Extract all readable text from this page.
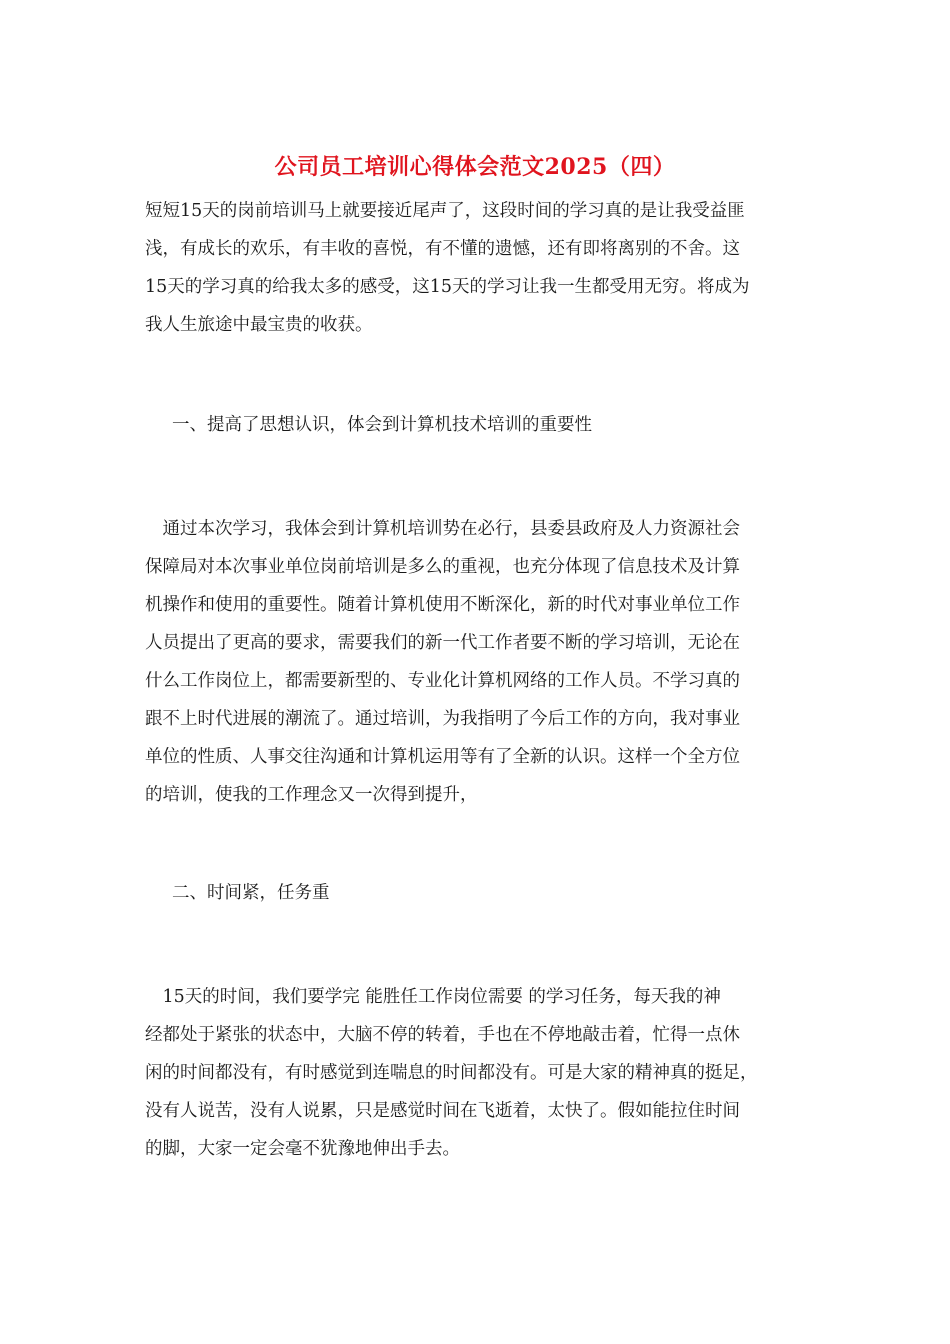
公司员工培训心得体会范文2025（四）
短短15天的岗前培训马上就要接近尾声了，这段时间的学习真的是让我受益匪
浅，有成长的欢乐，有丰收的喜悦，有不懂的遗憾，还有即将离别的不舍。这
15天的学习真的给我太多的感受，这15天的学习让我一生都受用无穷。将成为
我人生旅途中最宝贵的收获。
一、提高了思想认识，体会到计算机技术培训的重要性
　通过本次学习，我体会到计算机培训势在必行，县委县政府及人力资源社会
保障局对本次事业单位岗前培训是多么的重视，也充分体现了信息技术及计算
机操作和使用的重要性。随着计算机使用不断深化，新的时代对事业单位工作
人员提出了更高的要求，需要我们的新一代工作者要不断的学习培训，无论在
什么工作岗位上，都需要新型的、专业化计算机网络的工作人员。不学习真的
跟不上时代进展的潮流了。通过培训，为我指明了今后工作的方向，我对事业
单位的性质、人事交往沟通和计算机运用等有了全新的认识。这样一个全方位
的培训，使我的工作理念又一次得到提升，
二、时间紧，任务重
　15天的时间，我们要学完 能胜任工作岗位需要 的学习任务，每天我的神
经都处于紧张的状态中，大脑不停的转着，手也在不停地敲击着，忙得一点休
闲的时间都没有，有时感觉到连喘息的时间都没有。可是大家的精神真的挺足，
没有人说苦，没有人说累，只是感觉时间在飞逝着，太快了。假如能拉住时间
的脚，大家一定会毫不犹豫地伸出手去。
